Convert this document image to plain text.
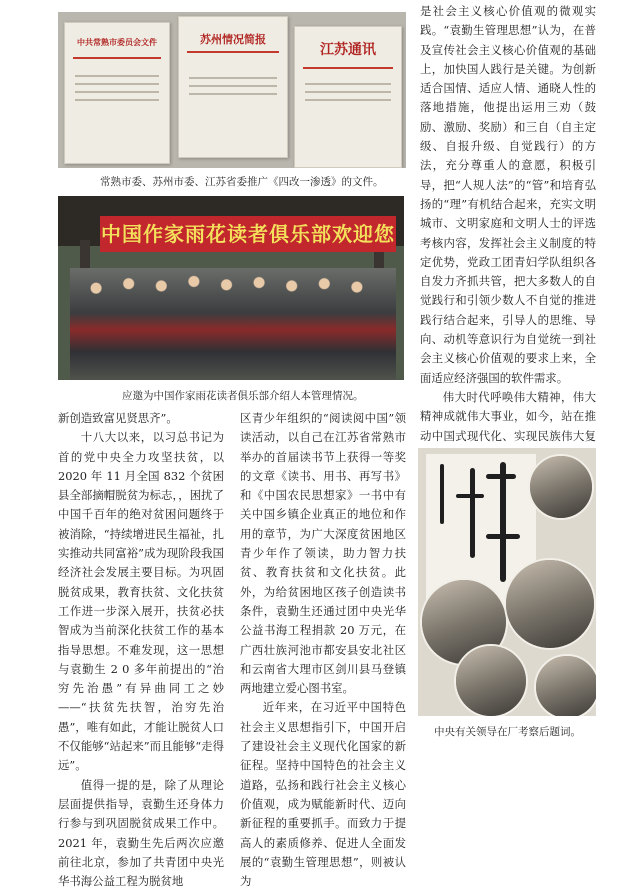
中共常熟市委员会文件	苏州情况简报
江苏通讯
常熟市委、苏州市委、江苏省委推广《四改一渗透》的文件。
中国作家雨花读者俱乐部欢迎您
应邀为中国作家雨花读者俱乐部介绍人本管理情况。

是社会主义核心价值观的微观实践。“袁勤生管理思想”认为，在普及宣传社会主义核心价值观的基础上，加快国人践行是关键。为创新适合国情、适应人情、通晓人性的落地措施，他提出运用三劝（鼓励、激励、奖励）和三自（自主定级、自报升级、自觉践行）的方法，充分尊重人的意愿，积极引导，把“人规人法”的“管”和培育弘扬的“理”有机结合起来，充实文明城市、文明家庭和文明人士的评选考核内容，发挥社会主义制度的特定优势，党政工团青妇学队组织各自发力齐抓共管，把大多数人的自觉践行和引领少数人不自觉的推进践行结合起来，引导人的思维、导向、动机等意识行为自觉统一到社会主义核心价值观的要求上来，全面适应经济强国的软件需求。

伟大时代呼唤伟大精神，伟大精神成就伟大事业，如今，站在推动中国式现代化、实现民族伟大复

中央有关领导在厂考察后题词。

新创造致富见贤思齐”。

十八大以来，以习总书记为首的党中央全力攻坚扶贫，以 2020 年 11 月全国 832 个贫困县全部摘帽脱贫为标志，，困扰了中国千百年的绝对贫困问题终于被消除，“持续增进民生福祉，扎实推动共同富裕”成为现阶段我国经济社会发展主要目标。为巩固脱贫成果，教育扶贫、文化扶贫工作进一步深入展开，扶贫必扶智成为当前深化扶贫工作的基本指导思想。不难发现，这一思想与袁勤生 2 0 多年前提出的“治穷先治愚”有异曲同工之妙——“扶贫先扶智，治穷先治愚”，唯有如此，才能让脱贫人口不仅能够“站起来”而且能够“走得远”。

值得一提的是，除了从理论层面提供指导，袁勤生还身体力行参与到巩固脱贫成果工作中。2021 年，袁勤生先后两次应邀前往北京，参加了共青团中央光华书海公益工程为脱贫地

区青少年组织的“阅读阅中国”领读活动，以自己在江苏省常熟市举办的首届读书节上获得一等奖的文章《读书、用书、再写书》和《中国农民思想家》一书中有关中国乡镇企业真正的地位和作用的章节，为广大深度贫困地区青少年作了领读，助力智力扶贫、教育扶贫和文化扶贫。此外，为给贫困地区孩子创造读书条件，袁勤生还通过团中央光华公益书海工程捐款 20 万元，在广西壮族河池市都安县安北社区和云南省大理市区剑川县马登镇两地建立爱心图书室。

近年来，在习近平中国特色社会主义思想指引下，中国开启了建设社会主义现代化国家的新征程。坚持中国特色的社会主义道路，弘扬和践行社会主义核心价值观，成为赋能新时代、迈向新征程的重要抓手。而致力于提高人的素质修养、促进人全面发展的“袁勤生管理思想”，则被认为
